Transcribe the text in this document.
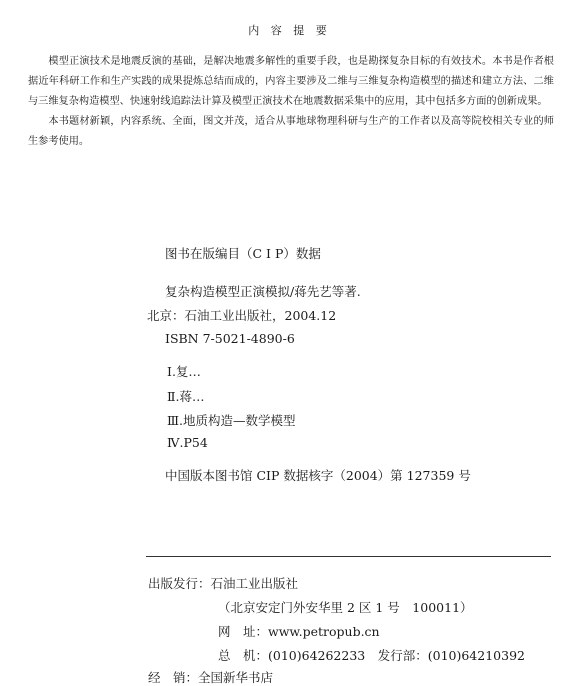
内 容 提 要

模型正演技术是地震反演的基础，是解决地震多解性的重要手段，也是勘探复杂目标的有效技术。本书是作者根据近年科研工作和生产实践的成果提炼总结而成的，内容主要涉及二维与三维复杂构造模型的描述和建立方法、二维与三维复杂构造模型、快速射线追踪法计算及模型正演技术在地震数据采集中的应用，其中包括多方面的创新成果。

本书题材新颖，内容系统、全面，图文并茂，适合从事地球物理科研与生产的工作者以及高等院校相关专业的师生参考使用。

图书在版编目（C I P）数据
复杂构造模型正演模拟/蒋先艺等著.
北京：石油工业出版社，2004.12
ISBN 7-5021-4890-6
Ⅰ.复…
Ⅱ.蒋…
Ⅲ.地质构造—数学模型
Ⅳ.P54
中国版本图书馆 CIP 数据核字（2004）第 127359 号
出版发行：石油工业出版社
（北京安定门外安华里 2 区 1 号　100011）
网　址：www.petropub.cn
总　机：(010)64262233　发行部：(010)64210392
经　销：全国新华书店
